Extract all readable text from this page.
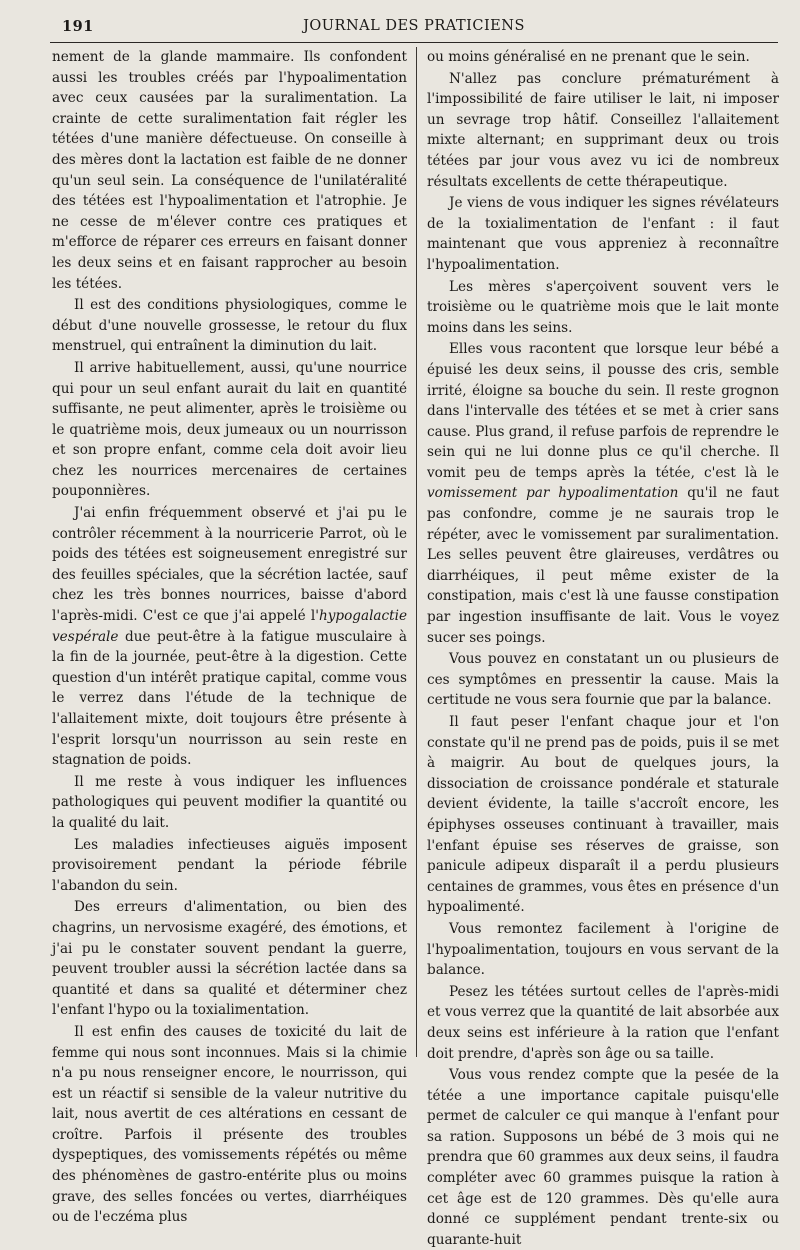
191	JOURNAL DES PRATICIENS

nement de la glande mammaire. Ils confondent aussi les troubles créés par l'hypoalimentation avec ceux causées par la suralimentation. La crainte de cette suralimentation fait régler les tétées d'une manière défectueuse. On conseille à des mères dont la lactation est faible de ne donner qu'un seul sein. La conséquence de l'unilatéralité des tétées est l'hypoalimentation et l'atrophie. Je ne cesse de m'élever contre ces pratiques et m'efforce de réparer ces erreurs en faisant donner les deux seins et en faisant rapprocher au besoin les tétées.

Il est des conditions physiologiques, comme le début d'une nouvelle grossesse, le retour du flux menstruel, qui entraînent la diminution du lait.

Il arrive habituellement, aussi, qu'une nourrice qui pour un seul enfant aurait du lait en quantité suffisante, ne peut alimenter, après le troisième ou le quatrième mois, deux jumeaux ou un nourrisson et son propre enfant, comme cela doit avoir lieu chez les nourrices mercenaires de certaines pouponnières.

J'ai enfin fréquemment observé et j'ai pu le contrôler récemment à la nourricerie Parrot, où le poids des tétées est soigneusement enregistré sur des feuilles spéciales, que la sécrétion lactée, sauf chez les très bonnes nourrices, baisse d'abord l'après-midi. C'est ce que j'ai appelé l'hypogalactie vespérale due peut-être à la fatigue musculaire à la fin de la journée, peut-être à la digestion. Cette question d'un intérêt pratique capital, comme vous le verrez dans l'étude de la technique de l'allaitement mixte, doit toujours être présente à l'esprit lorsqu'un nourrisson au sein reste en stagnation de poids.

Il me reste à vous indiquer les influences pathologiques qui peuvent modifier la quantité ou la qualité du lait.

Les maladies infectieuses aiguës imposent provisoirement pendant la période fébrile l'abandon du sein.

Des erreurs d'alimentation, ou bien des chagrins, un nervosisme exagéré, des émotions, et j'ai pu le constater souvent pendant la guerre, peuvent troubler aussi la sécrétion lactée dans sa quantité et dans sa qualité et déterminer chez l'enfant l'hypo ou la toxialimentation.

Il est enfin des causes de toxicité du lait de femme qui nous sont inconnues. Mais si la chimie n'a pu nous renseigner encore, le nourrisson, qui est un réactif si sensible de la valeur nutritive du lait, nous avertit de ces altérations en cessant de croître. Parfois il présente des troubles dyspeptiques, des vomissements répétés ou même des phénomènes de gastro-entérite plus ou moins grave, des selles foncées ou vertes, diarrhéiques ou de l'eczéma plus

ou moins généralisé en ne prenant que le sein.

N'allez pas conclure prématurément à l'impossibilité de faire utiliser le lait, ni imposer un sevrage trop hâtif. Conseillez l'allaitement mixte alternant; en supprimant deux ou trois tétées par jour vous avez vu ici de nombreux résultats excellents de cette thérapeutique.

Je viens de vous indiquer les signes révélateurs de la toxialimentation de l'enfant : il faut maintenant que vous appreniez à reconnaître l'hypoalimentation.

Les mères s'aperçoivent souvent vers le troisième ou le quatrième mois que le lait monte moins dans les seins.

Elles vous racontent que lorsque leur bébé a épuisé les deux seins, il pousse des cris, semble irrité, éloigne sa bouche du sein. Il reste grognon dans l'intervalle des tétées et se met à crier sans cause. Plus grand, il refuse parfois de reprendre le sein qui ne lui donne plus ce qu'il cherche. Il vomit peu de temps après la tétée, c'est là le vomissement par hypoalimentation qu'il ne faut pas confondre, comme je ne saurais trop le répéter, avec le vomissement par suralimentation. Les selles peuvent être glaireuses, verdâtres ou diarrhéiques, il peut même exister de la constipation, mais c'est là une fausse constipation par ingestion insuffisante de lait. Vous le voyez sucer ses poings.

Vous pouvez en constatant un ou plusieurs de ces symptômes en pressentir la cause. Mais la certitude ne vous sera fournie que par la balance.

Il faut peser l'enfant chaque jour et l'on constate qu'il ne prend pas de poids, puis il se met à maigrir. Au bout de quelques jours, la dissociation de croissance pondérale et staturale devient évidente, la taille s'accroît encore, les épiphyses osseuses continuant à travailler, mais l'enfant épuise ses réserves de graisse, son panicule adipeux disparaît il a perdu plusieurs centaines de grammes, vous êtes en présence d'un hypoalimenté.

Vous remontez facilement à l'origine de l'hypoalimentation, toujours en vous servant de la balance.

Pesez les tétées surtout celles de l'après-midi et vous verrez que la quantité de lait absorbée aux deux seins est inférieure à la ration que l'enfant doit prendre, d'après son âge ou sa taille.

Vous vous rendez compte que la pesée de la tétée a une importance capitale puisqu'elle permet de calculer ce qui manque à l'enfant pour sa ration. Supposons un bébé de 3 mois qui ne prendra que 60 grammes aux deux seins, il faudra compléter avec 60 grammes puisque la ration à cet âge est de 120 grammes. Dès qu'elle aura donné ce supplément pendant trente-six ou quarante-huit
